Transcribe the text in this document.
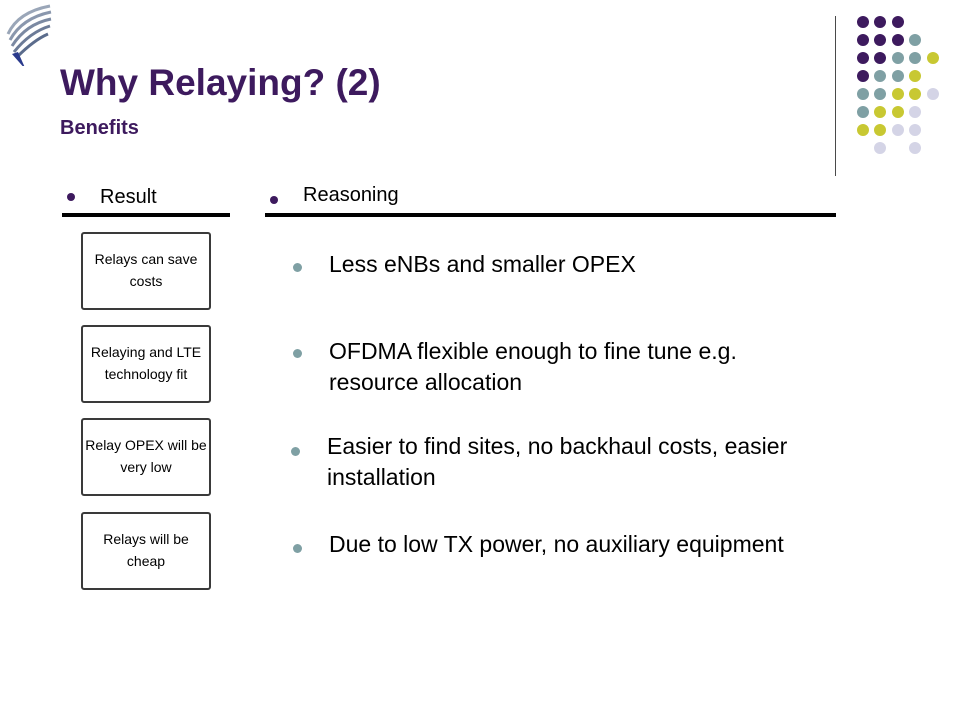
Why Relaying? (2)
Benefits
Result	Reasoning
Relays can save costs
Relaying and LTE technology fit
Relay OPEX will be very low
Relays will be cheap
Less eNBs and smaller OPEX
OFDMA flexible enough to fine tune e.g. resource allocation
Easier to find sites, no backhaul costs, easier installation
Due to low TX power, no auxiliary equipment
